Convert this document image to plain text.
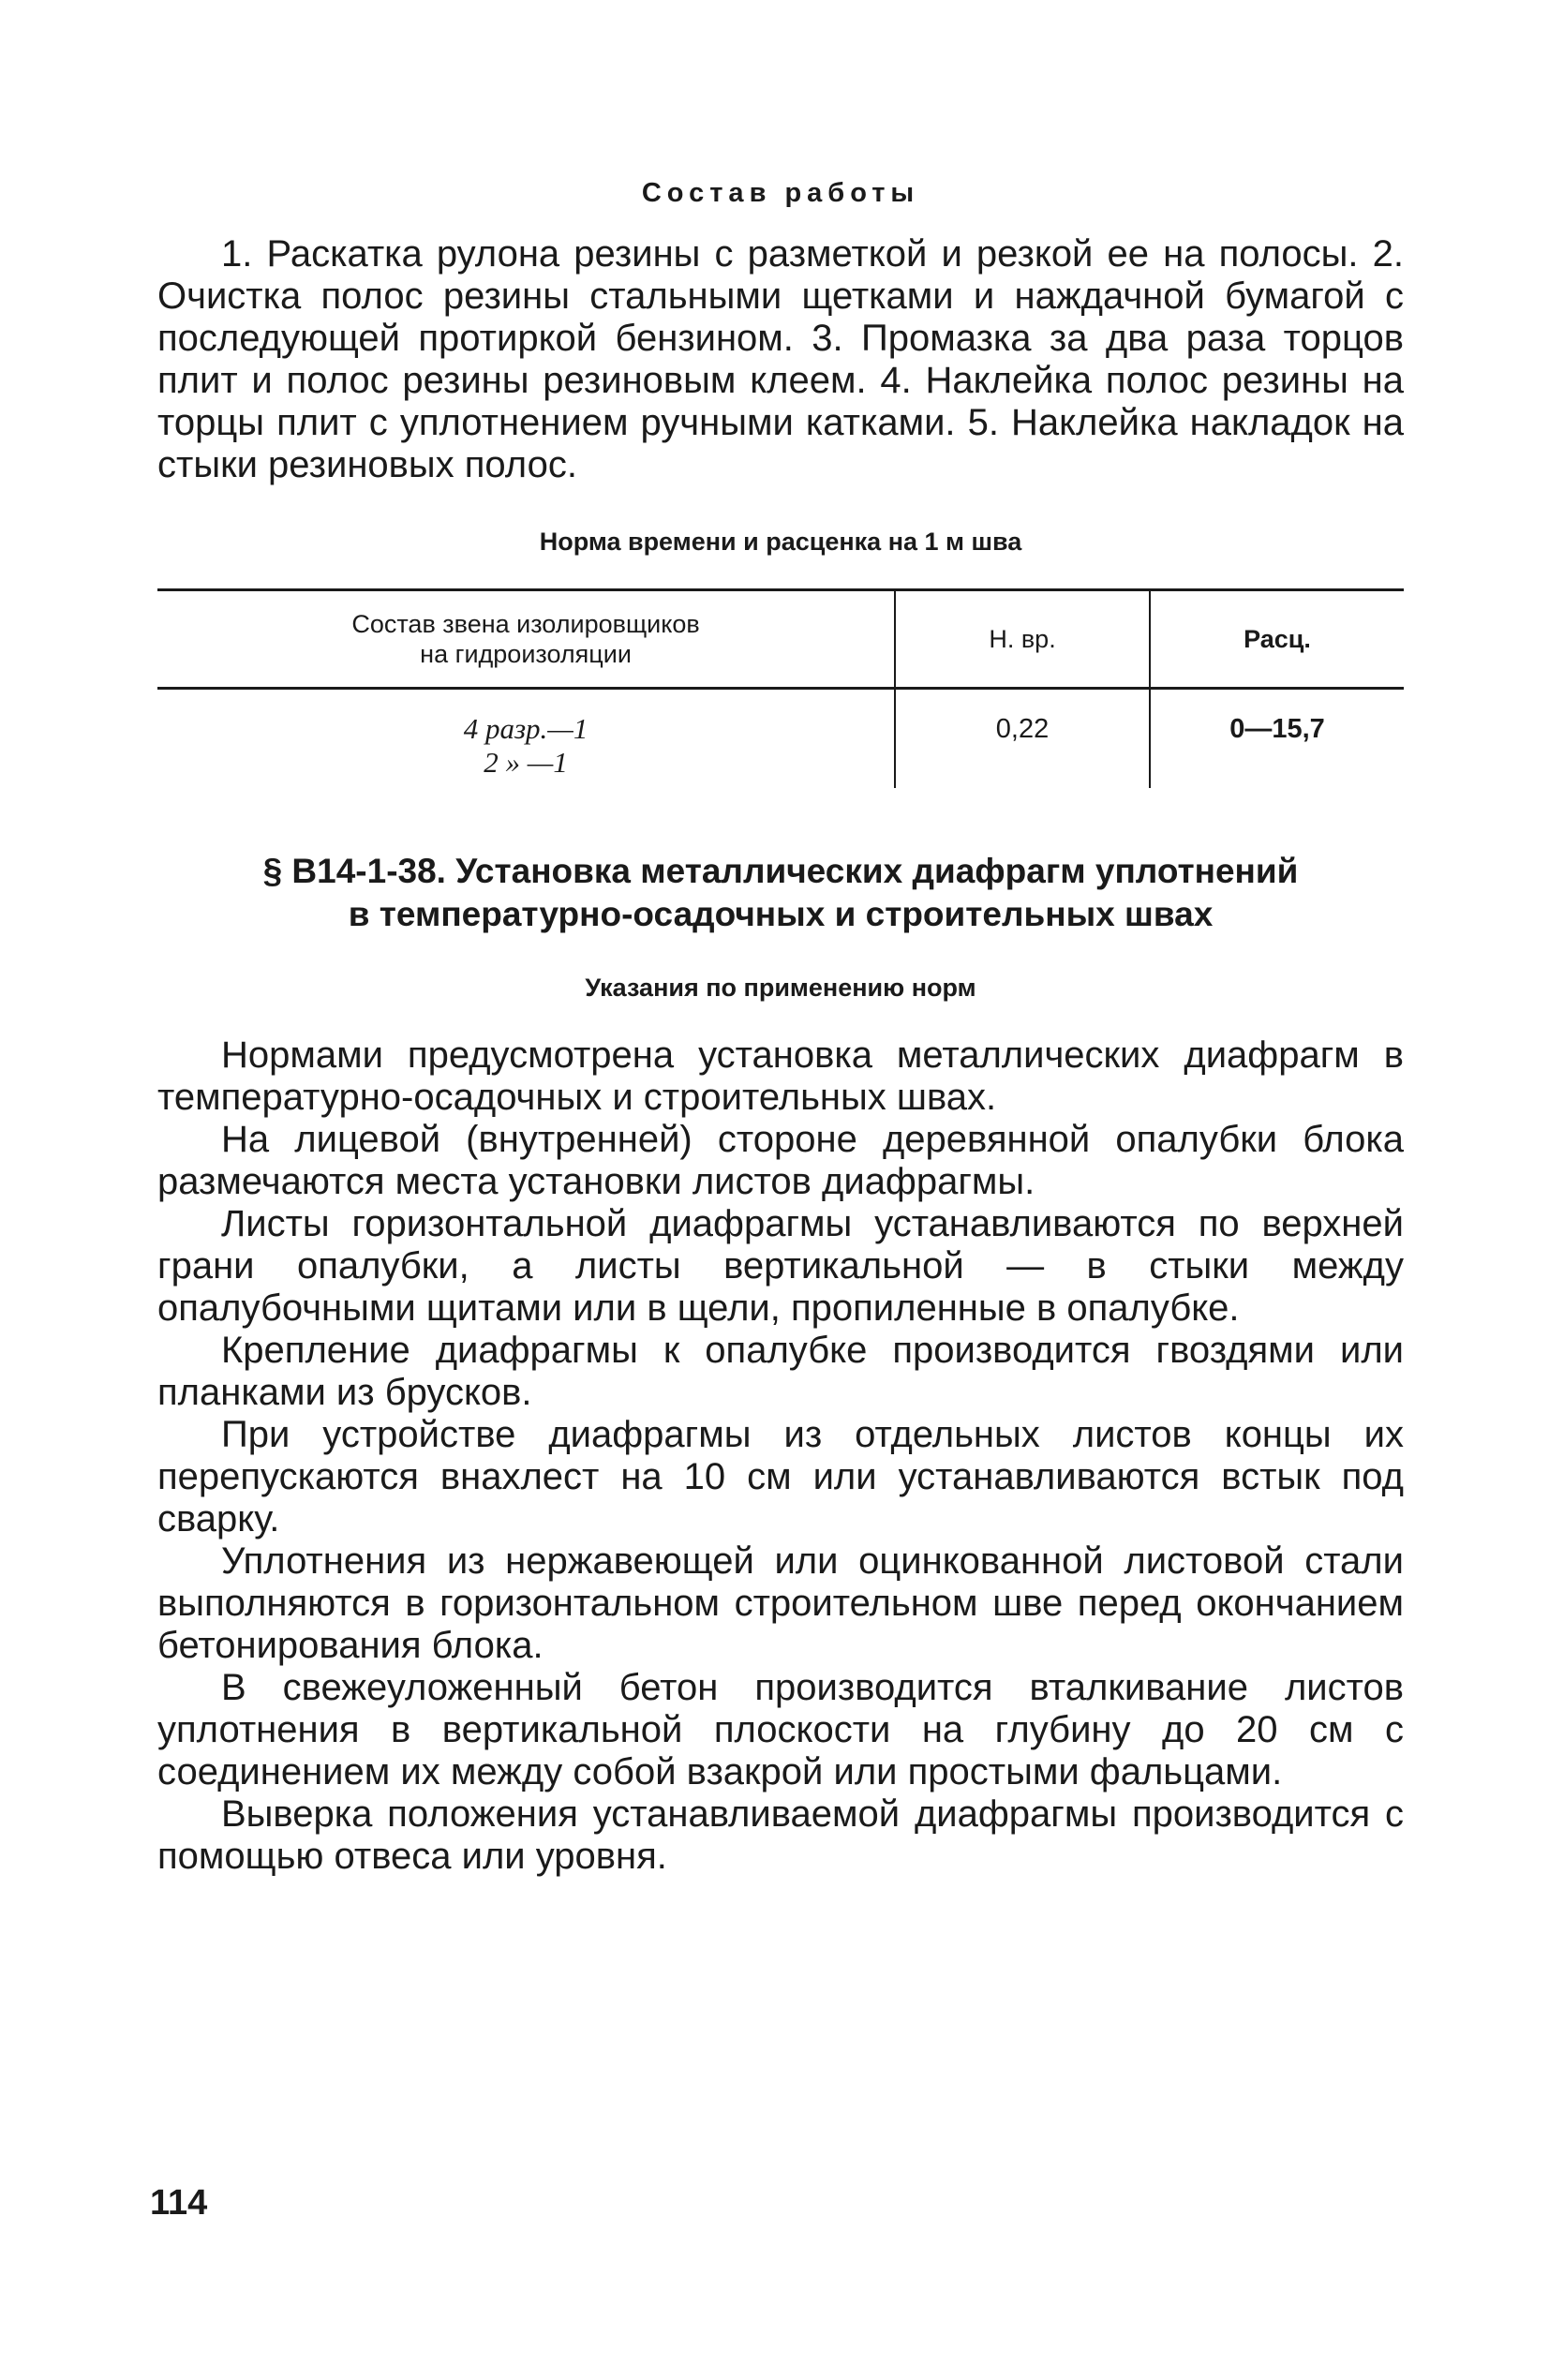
Состав работы

1. Раскатка рулона резины с разметкой и резкой ее на полосы. 2. Очистка полос резины стальными щетками и наждачной бумагой с последующей протиркой бензином. 3. Промазка за два раза торцов плит и полос резины резиновым клеем. 4. Наклейка полос резины на торцы плит с уплотнением ручными катками. 5. Наклейка накладок на стыки резиновых полос.

Норма времени и расценка на 1 м шва
Состав звена изолировщиков
на гидроизоляции	Н. вр.	Расц.

4 разр.—1
2 » —1	0,22	0—15,7
§ В14-1-38. Установка металлических диафрагм уплотнений
в температурно-осадочных и строительных швах
Указания по применению норм

Нормами предусмотрена установка металлических диафрагм в температурно-осадочных и строительных швах.

На лицевой (внутренней) стороне деревянной опалубки блока размечаются места установки листов диафрагмы.

Листы горизонтальной диафрагмы устанавливаются по верхней грани опалубки, а листы вертикальной — в стыки между опалубочными щитами или в щели, пропиленные в опалубке.

Крепление диафрагмы к опалубке производится гвоздями или планками из брусков.

При устройстве диафрагмы из отдельных листов концы их перепускаются внахлест на 10 см или устанавливаются встык под сварку.

Уплотнения из нержавеющей или оцинкованной листовой стали выполняются в горизонтальном строительном шве перед окончанием бетонирования блока.

В свежеуложенный бетон производится вталкивание листов уплотнения в вертикальной плоскости на глубину до 20 см с соединением их между собой взакрой или простыми фальцами.

Выверка положения устанавливаемой диафрагмы производится с помощью отвеса или уровня.

114
